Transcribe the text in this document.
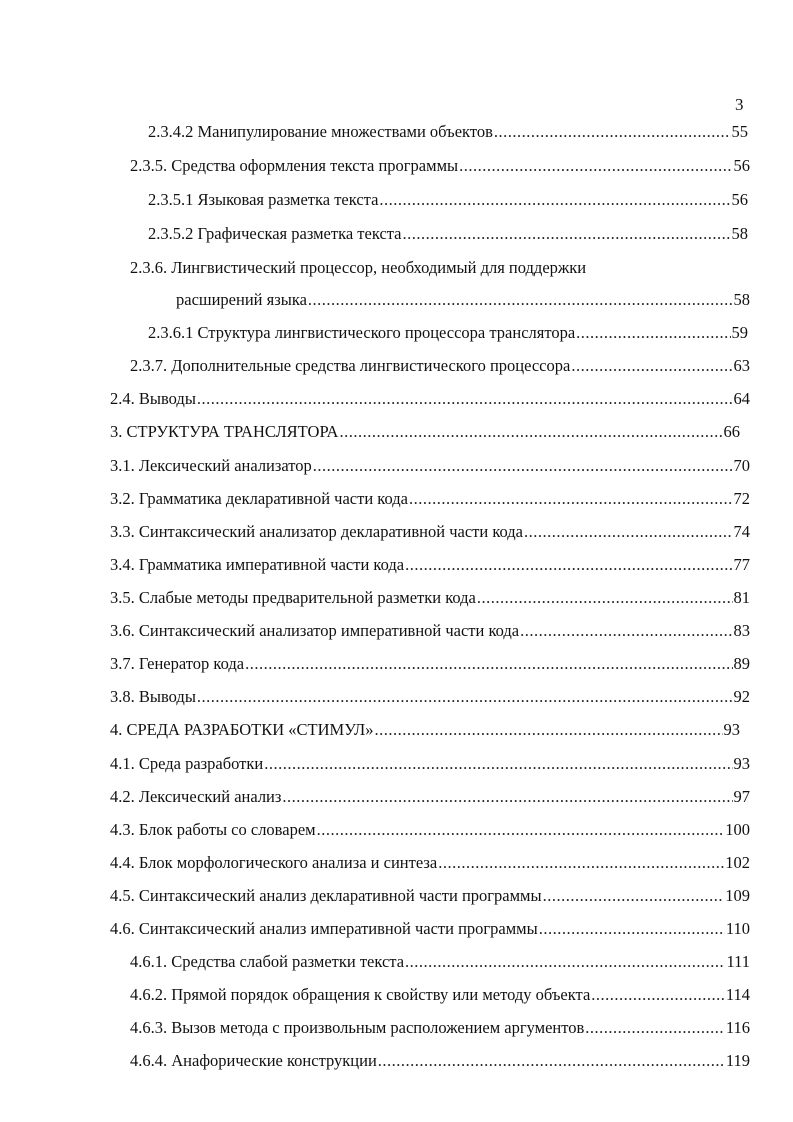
3
2.3.4.2 Манипулирование множествами объектов .....	55
2.3.5. Средства оформления текста программы .....	56
2.3.5.1 Языковая разметка текста .....	56
2.3.5.2 Графическая разметка текста .....	58
2.3.6. Лингвистический процессор, необходимый для поддержки
расширений языка .....	58
2.3.6.1 Структура лингвистического процессора транслятора .....	59
2.3.7. Дополнительные средства лингвистического процессора .....	63
2.4. Выводы .....	64
3. СТРУКТУРА ТРАНСЛЯТОРА .....	66
3.1. Лексический анализатор .....	70
3.2. Грамматика декларативной части кода .....	72
3.3. Синтаксический анализатор декларативной части кода .....	74
3.4. Грамматика императивной части кода .....	77
3.5. Слабые методы предварительной разметки кода .....	81
3.6. Синтаксический анализатор императивной части кода .....	83
3.7. Генератор кода .....	89
3.8. Выводы .....	92
4. СРЕДА РАЗРАБОТКИ «СТИМУЛ» .....	93
4.1. Среда разработки .....	93
4.2. Лексический анализ .....	97
4.3. Блок работы со словарем .....	100
4.4. Блок морфологического анализа и синтеза .....	102
4.5. Синтаксический анализ декларативной части программы .....	109
4.6. Синтаксический анализ императивной части программы .....	110
4.6.1. Средства слабой разметки текста .....	111
4.6.2. Прямой порядок обращения к свойству или методу объекта .....	114
4.6.3. Вызов метода с произвольным расположением аргументов .....	116
4.6.4. Анафорические конструкции .....	119
